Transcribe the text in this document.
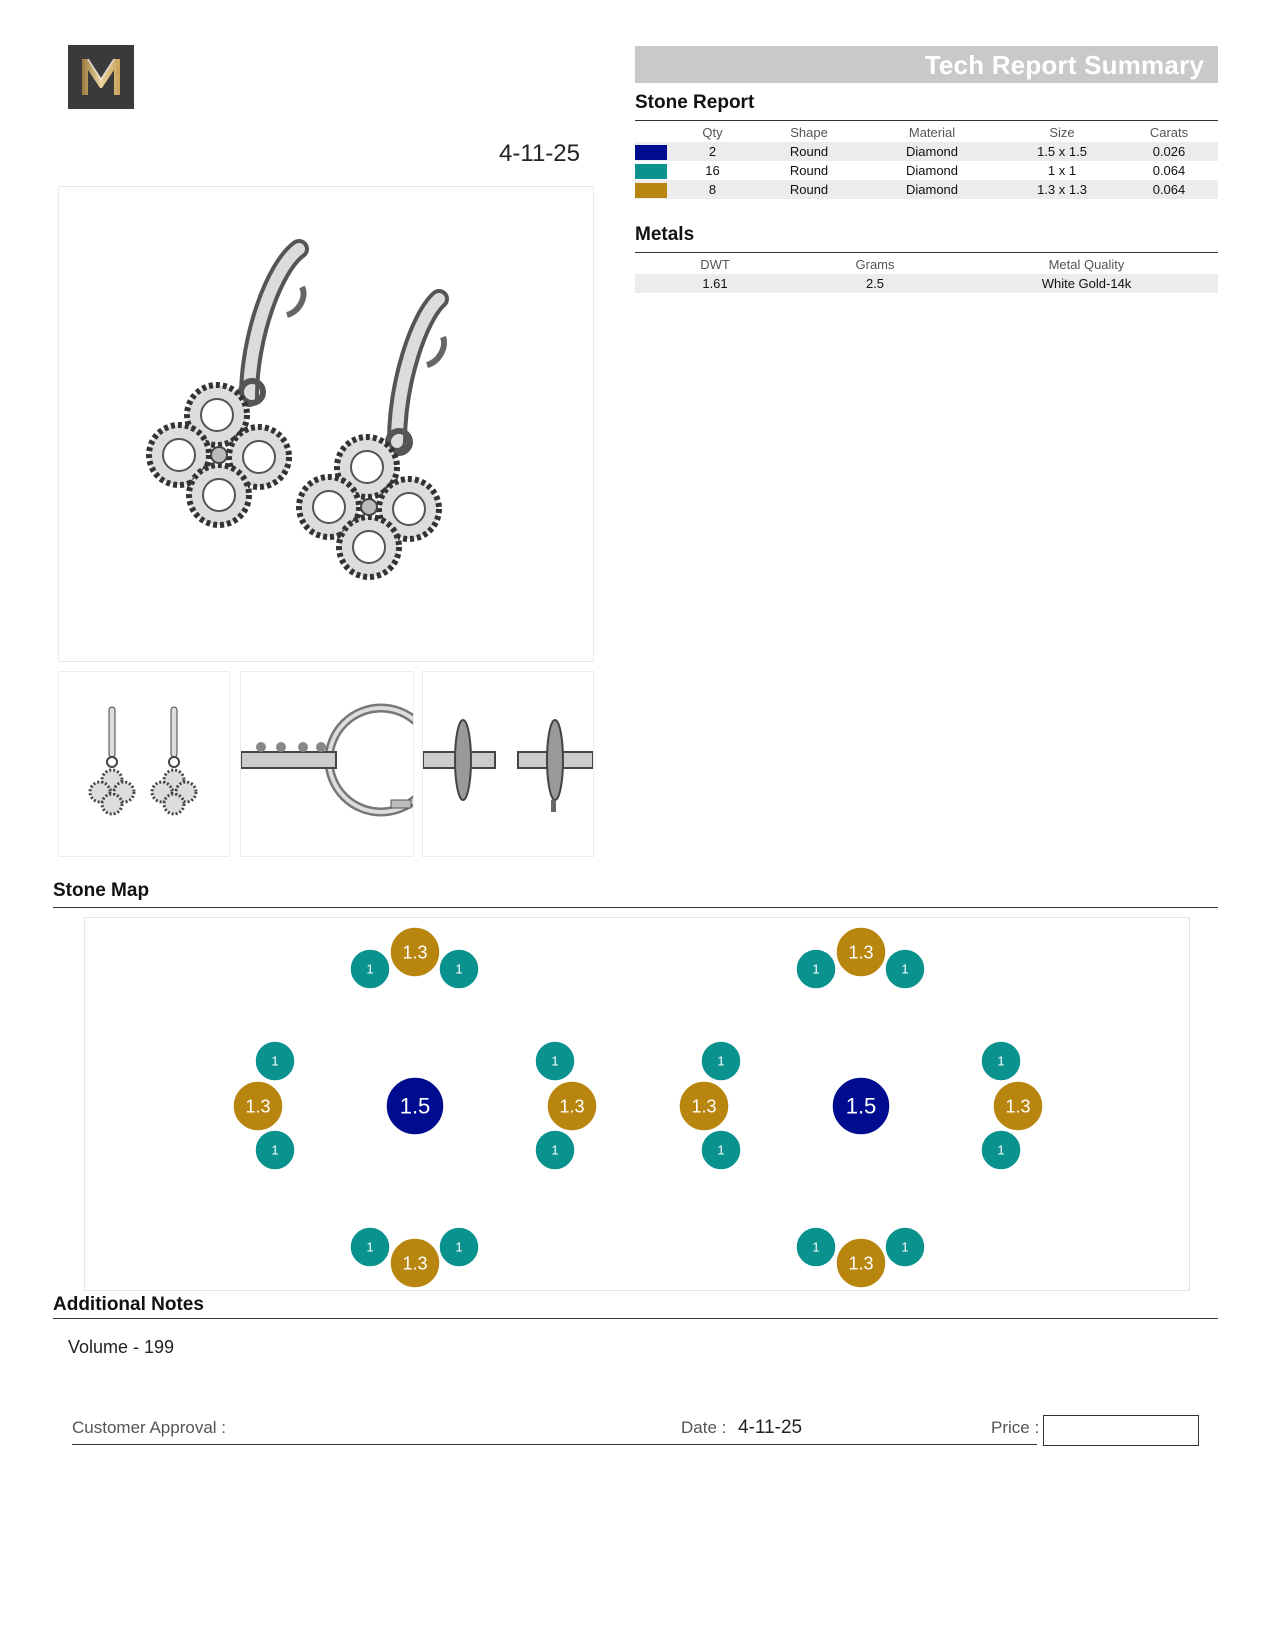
4-11-25
Tech Report Summary
Stone Report
	Qty	Shape	Material	Size	Carats
	2	Round	Diamond	1.5 x 1.5	0.026
	16	Round	Diamond	1 x 1	0.064
	8	Round	Diamond	1.3 x 1.3	0.064
Metals
DWT	Grams	Metal Quality
1.61	2.5	White Gold-14k
Stone Map
1.5
1	1
1.3
1	1
1.3
1
1.3
1
1
1.3
1
1.5
1	1
1.3
1	1
1.3
1
1.3
1
1
1.3
1
Additional Notes
Volume - 199
Customer Approval :	Date : 4-11-25	Price :
